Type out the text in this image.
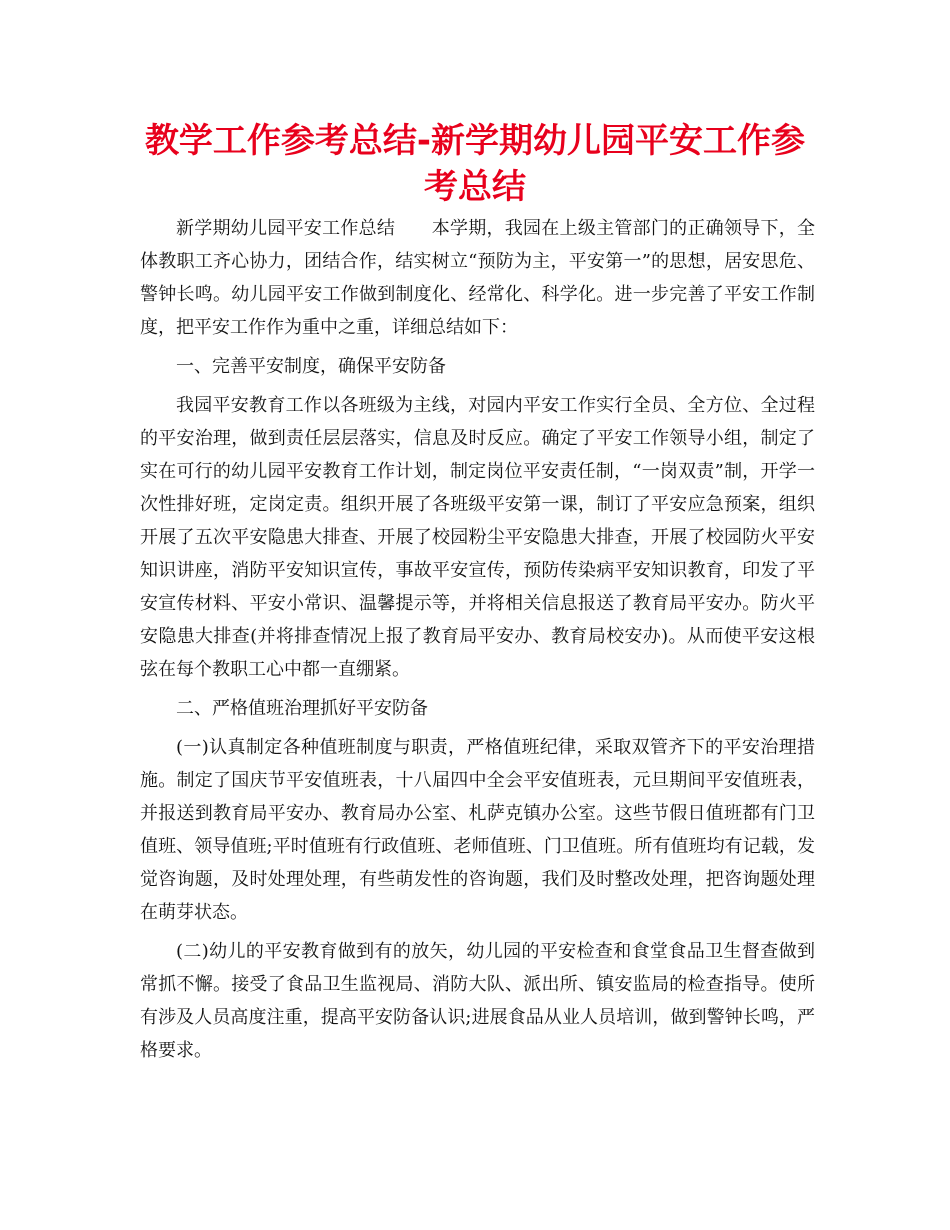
教学工作参考总结-新学期幼儿园平安工作参考总结

新学期幼儿园平安工作总结　　本学期，我园在上级主管部门的正确领导下，全体教职工齐心协力，团结合作，结实树立“预防为主，平安第一”的思想，居安思危、警钟长鸣。幼儿园平安工作做到制度化、经常化、科学化。进一步完善了平安工作制度，把平安工作作为重中之重，详细总结如下：

一、完善平安制度，确保平安防备

我园平安教育工作以各班级为主线，对园内平安工作实行全员、全方位、全过程的平安治理，做到责任层层落实，信息及时反应。确定了平安工作领导小组，制定了实在可行的幼儿园平安教育工作计划，制定岗位平安责任制，“一岗双责”制，开学一次性排好班，定岗定责。组织开展了各班级平安第一课，制订了平安应急预案，组织开展了五次平安隐患大排查、开展了校园粉尘平安隐患大排查，开展了校园防火平安知识讲座，消防平安知识宣传，事故平安宣传，预防传染病平安知识教育，印发了平安宣传材料、平安小常识、温馨提示等，并将相关信息报送了教育局平安办。防火平安隐患大排查(并将排查情况上报了教育局平安办、教育局校安办)。从而使平安这根弦在每个教职工心中都一直绷紧。

二、严格值班治理抓好平安防备

(一)认真制定各种值班制度与职责，严格值班纪律，采取双管齐下的平安治理措施。制定了国庆节平安值班表，十八届四中全会平安值班表，元旦期间平安值班表，并报送到教育局平安办、教育局办公室、札萨克镇办公室。这些节假日值班都有门卫值班、领导值班;平时值班有行政值班、老师值班、门卫值班。所有值班均有记载，发觉咨询题，及时处理处理，有些萌发性的咨询题，我们及时整改处理，把咨询题处理在萌芽状态。

(二)幼儿的平安教育做到有的放矢，幼儿园的平安检查和食堂食品卫生督查做到常抓不懈。接受了食品卫生监视局、消防大队、派出所、镇安监局的检查指导。使所有涉及人员高度注重，提高平安防备认识;进展食品从业人员培训，做到警钟长鸣，严格要求。
